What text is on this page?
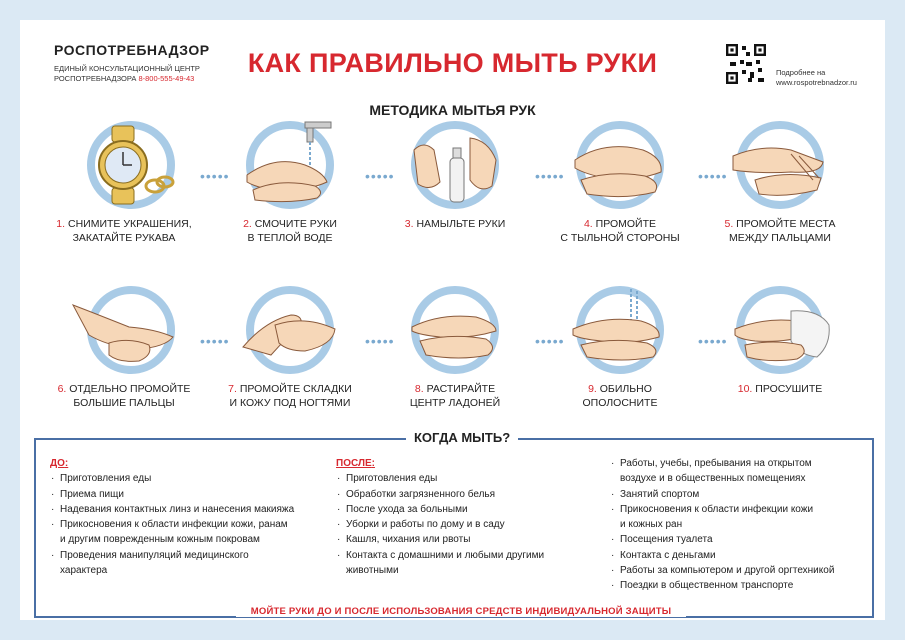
РОСПОТРЕБНАДЗОР
ЕДИНЫЙ КОНСУЛЬТАЦИОННЫЙ ЦЕНТР
РОСПОТРЕБНАДЗОРА 8-800-555-49-43
КАК ПРАВИЛЬНО МЫТЬ РУКИ
МЕТОДИКА МЫТЬЯ РУК
Подробнее на
www.rospotrebnadzor.ru
1. СНИМИТЕ УКРАШЕНИЯ,
ЗАКАТАЙТЕ РУКАВА
•••••
2. СМОЧИТЕ РУКИ
В ТЕПЛОЙ ВОДЕ
•••••
3. НАМЫЛЬТЕ РУКИ

•••••
4. ПРОМОЙТЕ
С ТЫЛЬНОЙ СТОРОНЫ
•••••
5. ПРОМОЙТЕ МЕСТА
МЕЖДУ ПАЛЬЦАМИ
6. ОТДЕЛЬНО ПРОМОЙТЕ
БОЛЬШИЕ ПАЛЬЦЫ
•••••
7. ПРОМОЙТЕ СКЛАДКИ
И КОЖУ ПОД НОГТЯМИ
•••••
8. РАСТИРАЙТЕ
ЦЕНТР ЛАДОНЕЙ
•••••
9. ОБИЛЬНО ОПОЛОСНИТЕ

•••••
10. ПРОСУШИТЕ

КОГДА МЫТЬ?
ДО:
· Приготовления еды
· Приема пищи
· Надевания контактных линз и нанесения макияжа
· Прикосновения к области инфекции кожи, ранам
и другим поврежденным кожным покровам
· Проведения манипуляций медицинского
характера
ПОСЛЕ:
· Приготовления еды
· Обработки загрязненного белья
· После ухода за больными
· Уборки и работы по дому и в саду
· Кашля, чихания или рвоты
· Контакта с домашними и любыми другими
животными
· Работы, учебы, пребывания на открытом
воздухе и в общественных помещениях
· Занятий спортом
· Прикосновения к области инфекции кожи
и кожных ран
· Посещения туалета
· Контакта с деньгами
· Работы за компьютером и другой оргтехникой
· Поездки в общественном транспорте
МОЙТЕ РУКИ ДО И ПОСЛЕ ИСПОЛЬЗОВАНИЯ СРЕДСТВ ИНДИВИДУАЛЬНОЙ ЗАЩИТЫ
